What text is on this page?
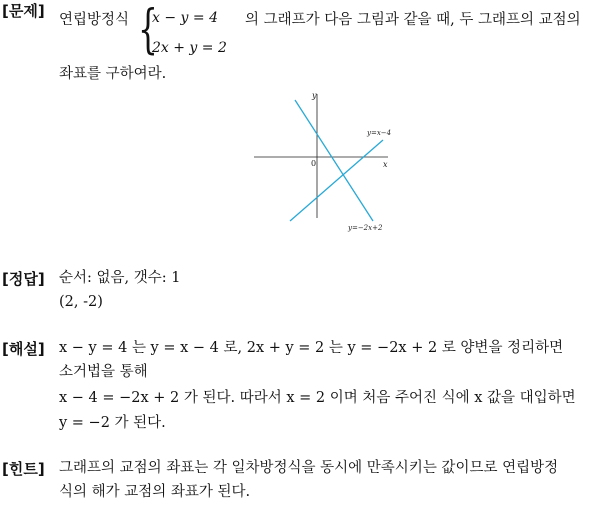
[문제] 연립방정식 {
x − y = 4
2x + y = 2
의 그래프가 다음 그림과 같을 때, 두 그래프의 교점의
좌표를 구하여라.
y
x
0
y=x−4
y=−2x+2
[정답] 순서: 없음, 갯수: 1
(2, -2)
[해설] x − y = 4 는 y = x − 4 로, 2x + y = 2 는 y = −2x + 2 로 양변을 정리하면
소거법을 통해
x − 4 = −2x + 2 가 된다. 따라서 x = 2 이며 처음 주어진 식에 x 값을 대입하면
y = −2 가 된다.
[힌트] 그래프의 교점의 좌표는 각 일차방정식을 동시에 만족시키는 값이므로 연립방정
식의 해가 교점의 좌표가 된다.
